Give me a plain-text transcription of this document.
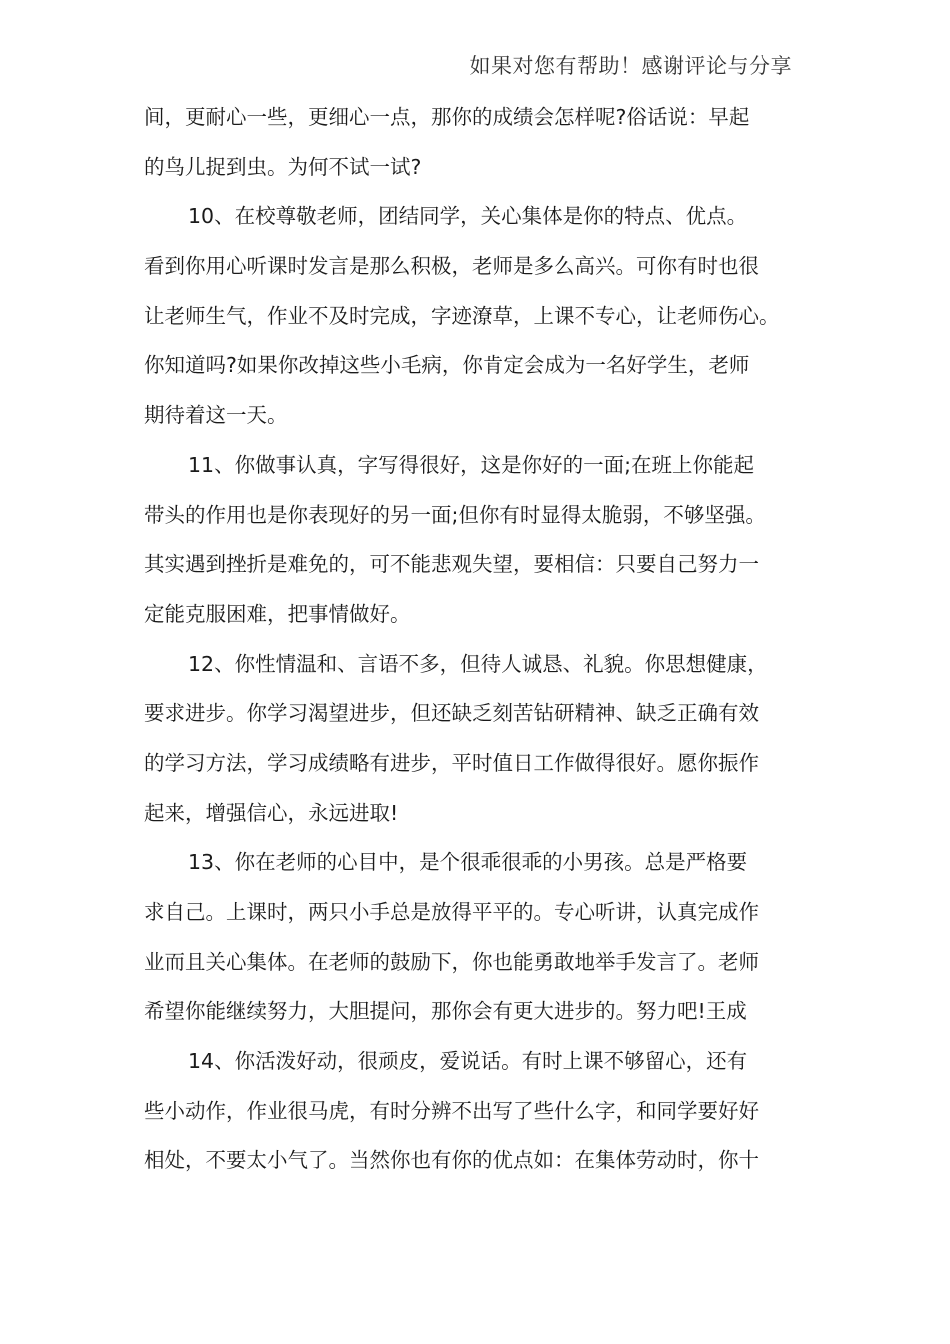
如果对您有帮助！感谢评论与分享
间，更耐心一些，更细心一点，那你的成绩会怎样呢?俗话说：早起
的鸟儿捉到虫。为何不试一试?
10、在校尊敬老师，团结同学，关心集体是你的特点、优点。
看到你用心听课时发言是那么积极，老师是多么高兴。可你有时也很
让老师生气，作业不及时完成，字迹潦草，上课不专心，让老师伤心。
你知道吗?如果你改掉这些小毛病，你肯定会成为一名好学生，老师
期待着这一天。
11、你做事认真，字写得很好，这是你好的一面;在班上你能起
带头的作用也是你表现好的另一面;但你有时显得太脆弱，不够坚强。
其实遇到挫折是难免的，可不能悲观失望，要相信：只要自己努力一
定能克服困难，把事情做好。
12、你性情温和、言语不多，但待人诚恳、礼貌。你思想健康，
要求进步。你学习渴望进步，但还缺乏刻苦钻研精神、缺乏正确有效
的学习方法，学习成绩略有进步，平时值日工作做得很好。愿你振作
起来，增强信心，永远进取!
13、你在老师的心目中，是个很乖很乖的小男孩。总是严格要
求自己。上课时，两只小手总是放得平平的。专心听讲，认真完成作
业而且关心集体。在老师的鼓励下，你也能勇敢地举手发言了。老师
希望你能继续努力，大胆提问，那你会有更大进步的。努力吧!王成
14、你活泼好动，很顽皮，爱说话。有时上课不够留心，还有
些小动作，作业很马虎，有时分辨不出写了些什么字，和同学要好好
相处，不要太小气了。当然你也有你的优点如：在集体劳动时，你十
